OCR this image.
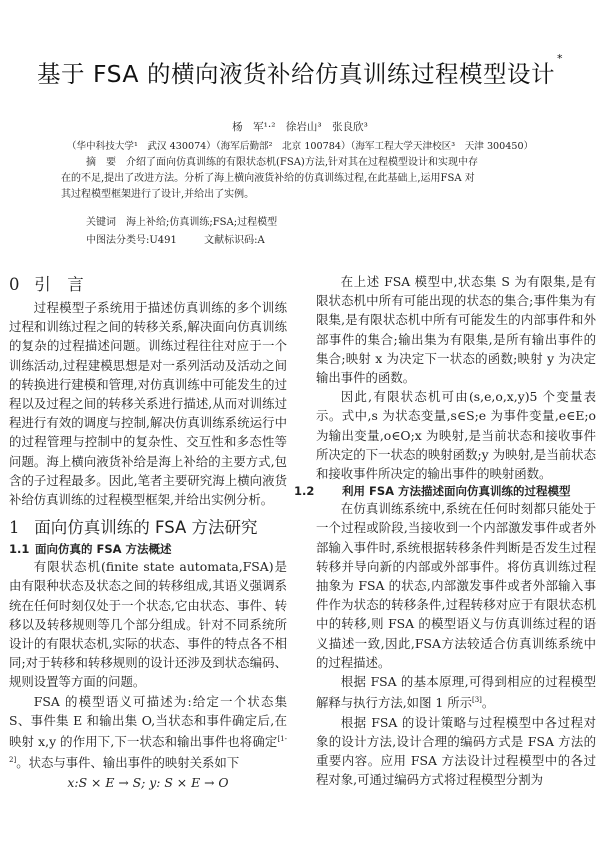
基于 FSA 的横向液货补给仿真训练过程模型设计*
杨　军¹·²　徐岩山³　张良欣³
（华中科技大学¹　武汉 430074）（海军后勤部²　北京 100784）（海军工程大学天津校区³　天津 300450）

摘　要　介绍了面向仿真训练的有限状态机(FSA)方法,针对其在过程模型设计和实现中存

在的不足,提出了改进方法。分析了海上横向液货补给的仿真训练过程,在此基础上,运用FSA 对

其过程模型框架进行了设计,并给出了实例。

关键词　海上补给;仿真训练;FSA;过程模型
中图法分类号:U491	文献标识码:A

0 引　言

过程模型子系统用于描述仿真训练的多个训练过程和训练过程之间的转移关系,解决面向仿真训练的复杂的过程描述问题。训练过程往往对应于一个训练活动,过程建模思想是对一系列活动及活动之间的转换进行建模和管理,对仿真训练中可能发生的过程以及过程之间的转移关系进行描述,从而对训练过程进行有效的调度与控制,解决仿真训练系统运行中的过程管理与控制中的复杂性、交互性和多态性等问题。海上横向液货补给是海上补给的主要方式,包含的子过程最多。因此,笔者主要研究海上横向液货补给仿真训练的过程模型框架,并给出实例分析。

1 面向仿真训练的 FSA 方法研究

1.1 面向仿真的 FSA 方法概述

有限状态机(finite state automata,FSA)是由有限种状态及状态之间的转移组成,其语义强调系统在任何时刻仅处于一个状态,它由状态、事件、转移以及转移规则等几个部分组成。针对不同系统所设计的有限状态机,实际的状态、事件的特点各不相同;对于转移和转移规则的设计还涉及到状态编码、规则设置等方面的问题。

FSA 的模型语义可描述为:给定一个状态集 S、事件集 E 和输出集 O,当状态和事件确定后,在映射 x,y 的作用下,下一状态和输出事件也将确定[1-2]。状态与事件、输出事件的映射关系如下

x:S × E → S; y: S × E → O

在上述 FSA 模型中,状态集 S 为有限集,是有限状态机中所有可能出现的状态的集合;事件集为有限集,是有限状态机中所有可能发生的内部事件和外部事件的集合;输出集为有限集,是所有输出事件的集合;映射 x 为决定下一状态的函数;映射 y 为决定输出事件的函数。

因此,有限状态机可由(s,e,o,x,y)5 个变量表示。式中,s 为状态变量,s∈S;e 为事件变量,e∈E;o 为输出变量,o∈O;x 为映射,是当前状态和接收事件所决定的下一状态的映射函数;y 为映射,是当前状态和接收事件所决定的输出事件的映射函数。

1.2 利用 FSA 方法描述面向仿真训练的过程模型

在仿真训练系统中,系统在任何时刻都只能处于一个过程或阶段,当接收到一个内部激发事件或者外部输入事件时,系统根据转移条件判断是否发生过程转移并导向新的内部或外部事件。将仿真训练过程抽象为 FSA 的状态,内部激发事件或者外部输入事件作为状态的转移条件,过程转移对应于有限状态机中的转移,则 FSA 的模型语义与仿真训练过程的语义描述一致,因此,FSA方法较适合仿真训练系统中的过程描述。

根据 FSA 的基本原理,可得到相应的过程模型解释与执行方法,如图 1 所示[3]。

根据 FSA 的设计策略与过程模型中各过程对象的设计方法,设计合理的编码方式是 FSA 方法的重要内容。应用 FSA 方法设计过程模型中的各过程对象,可通过编码方式将过程模型分割为
